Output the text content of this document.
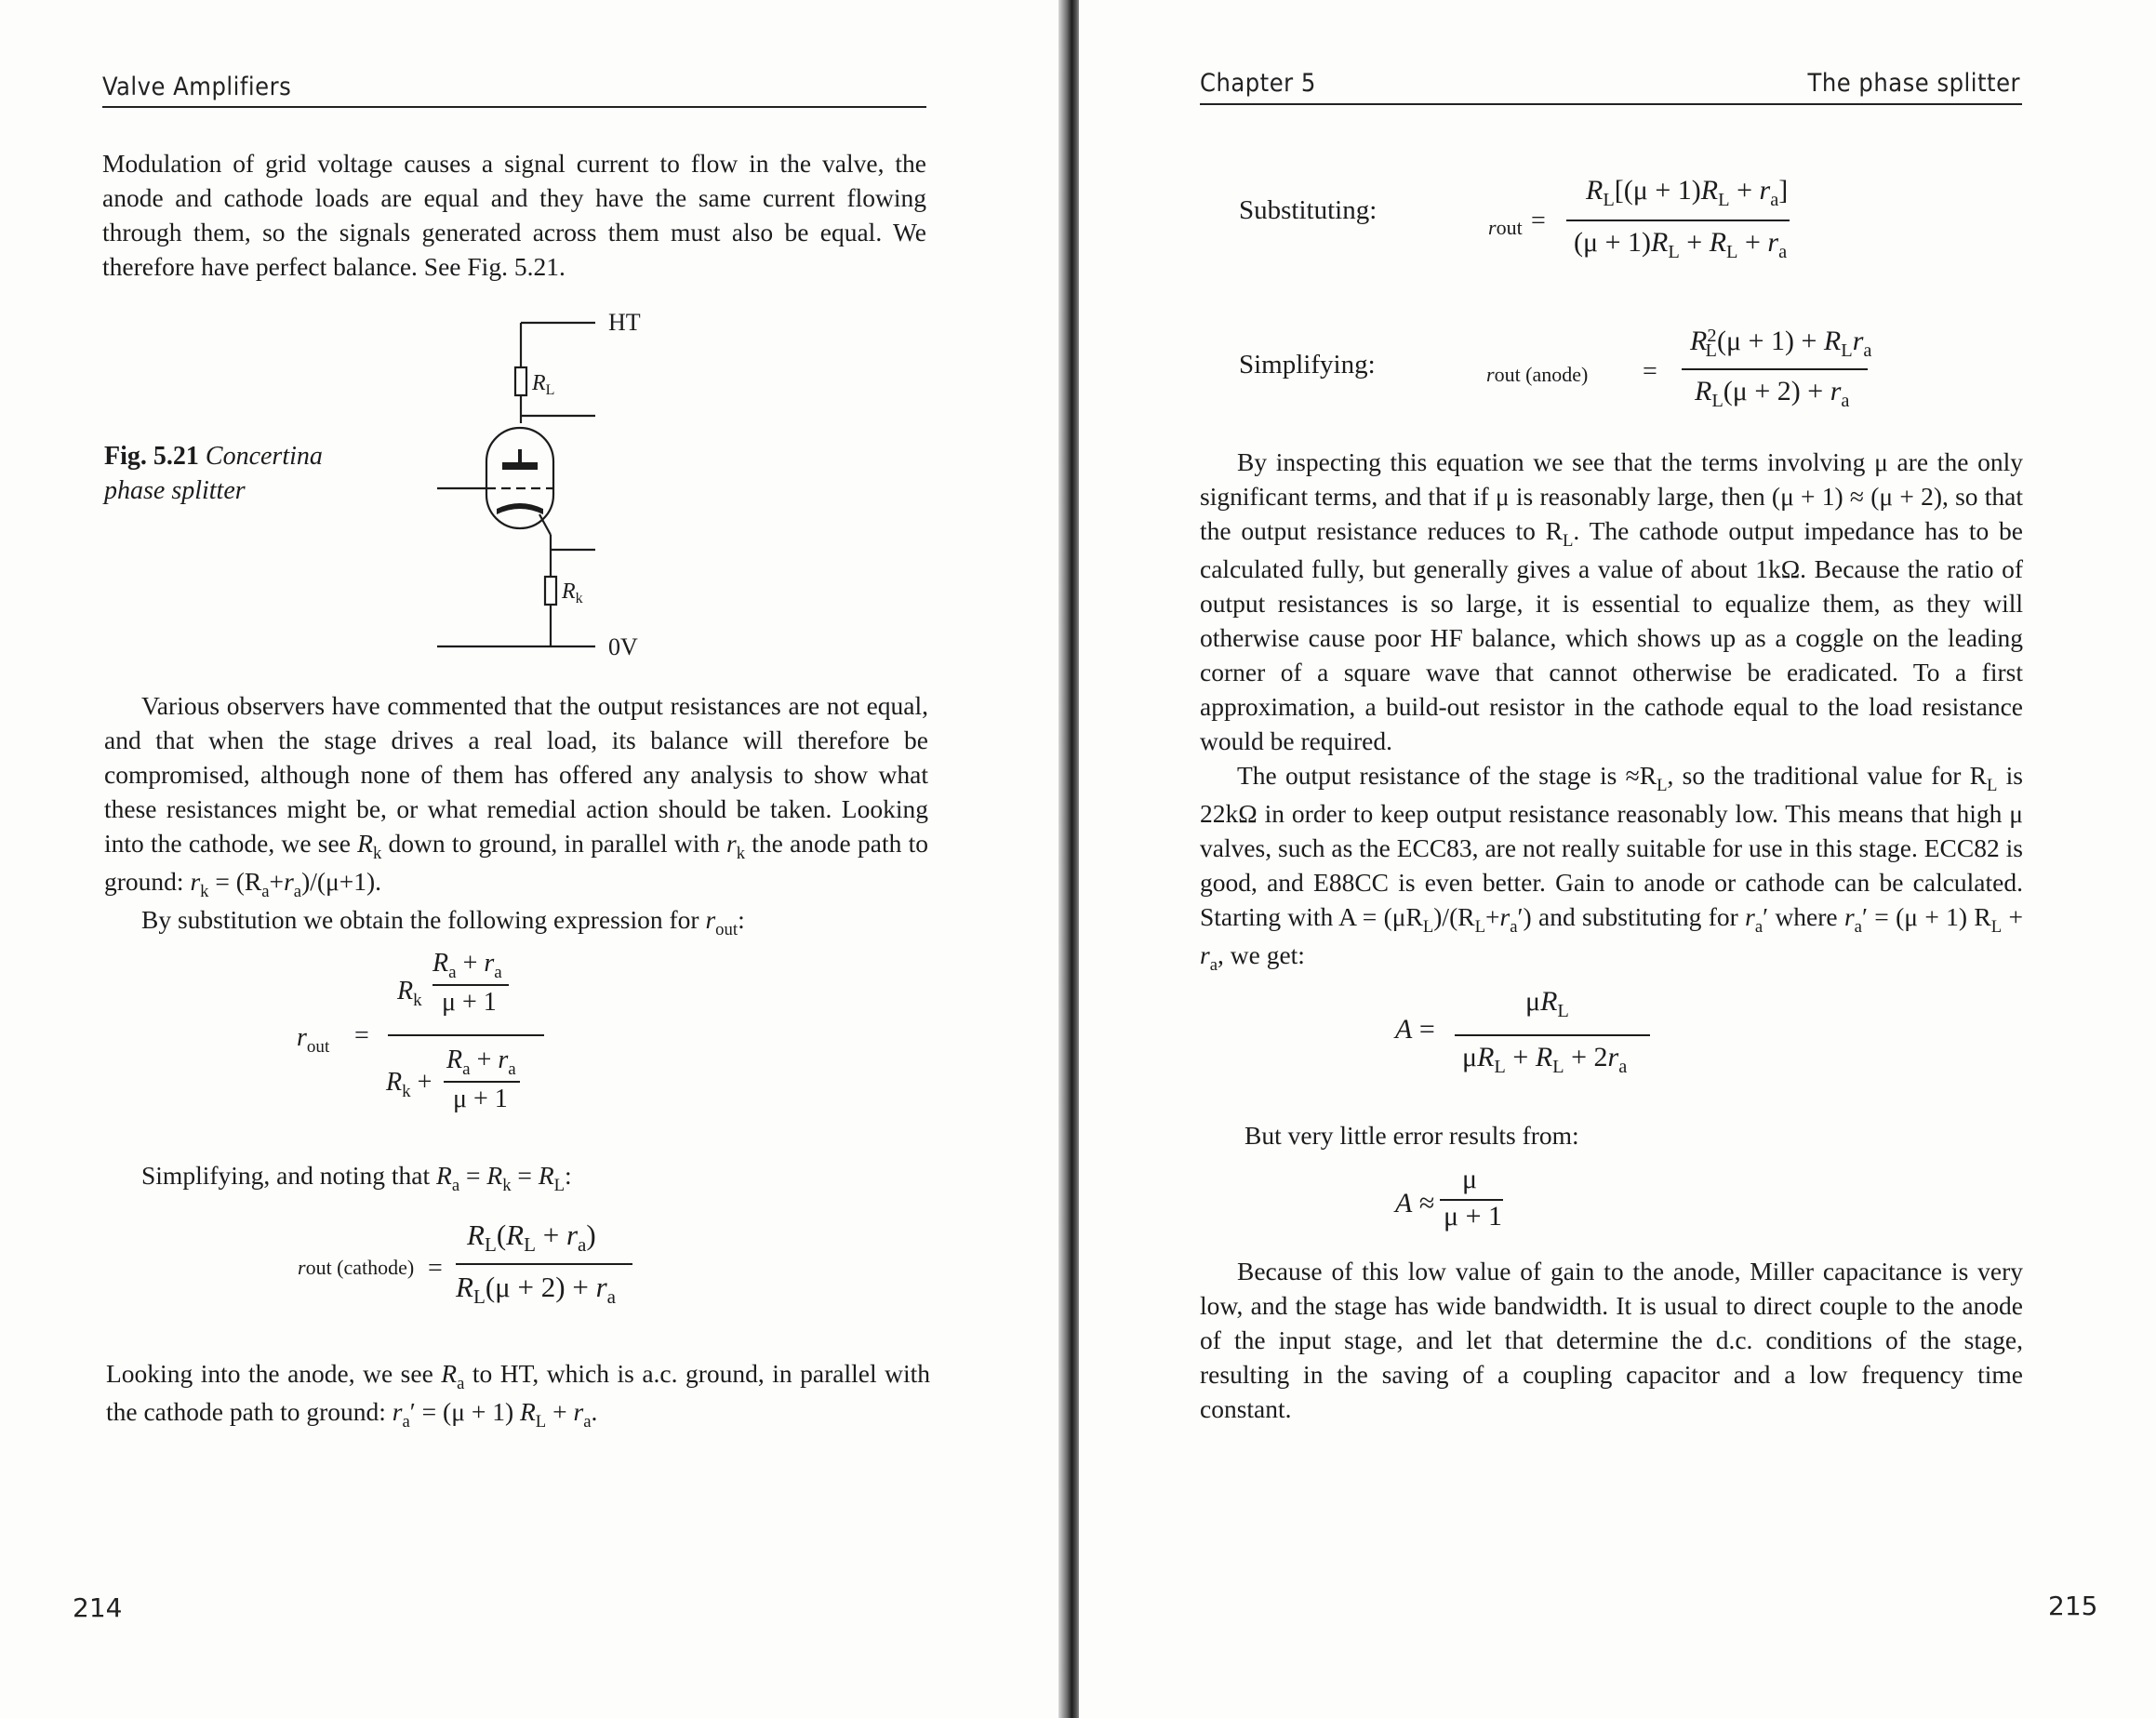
Valve Amplifiers

Modulation of grid voltage causes a signal current to flow in the valve, the anode and cathode loads are equal and they have the same current flowing through them, so the signals generated across them must also be equal. We therefore have perfect balance. See Fig. 5.21.

Fig. 5.21 Concertina phase splitter
HT
0V
$R_L$
$R_k$

Various observers have commented that the output resistances are not equal, and that when the stage drives a real load, its balance will therefore be compromised, although none of them has offered any analysis to show what these resistances might be, or what remedial action should be taken. Looking into the cathode, we see $R_k$ down to ground, in parallel with $r_k$ the anode path to ground: $r_k = (R_a+r_a)/(\mu+1)$.

By substitution we obtain the following expression for $r_{out}$:

$r_{out}$ =
$R_k$
$R_a + r_a$
μ + 1
$R_k$ +
$R_a + r_a$
μ + 1

Simplifying, and noting that $R_a = R_k = R_L$:

rout (cathode) =
$R_L(R_L + r_a)$
$R_L(\mu + 2) + r_a$

Looking into the anode, we see $R_a$ to HT, which is a.c. ground, in parallel with the cathode path to ground: $r_a' = (\mu + 1) R_L + r_a$.

214
Chapter 5	The phase splitter
Substituting:
rout =
$R_L[(\mu + 1)R_L + r_a]$
$(\mu + 1)R_L + R_L + r_a$
Simplifying:	rout (anode) =
$R^2_L(\mu + 1) + R_Lr_a$
$R_L(\mu + 2) + r_a$

By inspecting this equation we see that the terms involving μ are the only significant terms, and that if μ is reasonably large, then (μ + 1) ≈ (μ + 2), so that the output resistance reduces to $R_L$. The cathode output impedance has to be calculated fully, but generally gives a value of about 1kΩ. Because the ratio of output resistances is so large, it is essential to equalize them, as they will otherwise cause poor HF balance, which shows up as a coggle on the leading corner of a square wave that cannot otherwise be eradicated. To a first approximation, a build-out resistor in the cathode equal to the load resistance would be required.

The output resistance of the stage is $\approx R_L$, so the traditional value for $R_L$ is 22kΩ in order to keep output resistance reasonably low. This means that high μ valves, such as the ECC83, are not really suitable for use in this stage. ECC82 is good, and E88CC is even better. Gain to anode or cathode can be calculated. Starting with $A = (\mu R_L)/(R_L+r_a')$ and substituting for $r_a'$ where $r_a' = (\mu + 1) R_L + r_a$, we get:

A =
$\mu R_L$
$\mu R_L + R_L + 2r_a$

But very little error results from:

A ≈
μ
μ + 1

Because of this low value of gain to the anode, Miller capacitance is very low, and the stage has wide bandwidth. It is usual to direct couple to the anode of the input stage, and let that determine the d.c. conditions of the stage, resulting in the saving of a coupling capacitor and a low frequency time constant.

215
